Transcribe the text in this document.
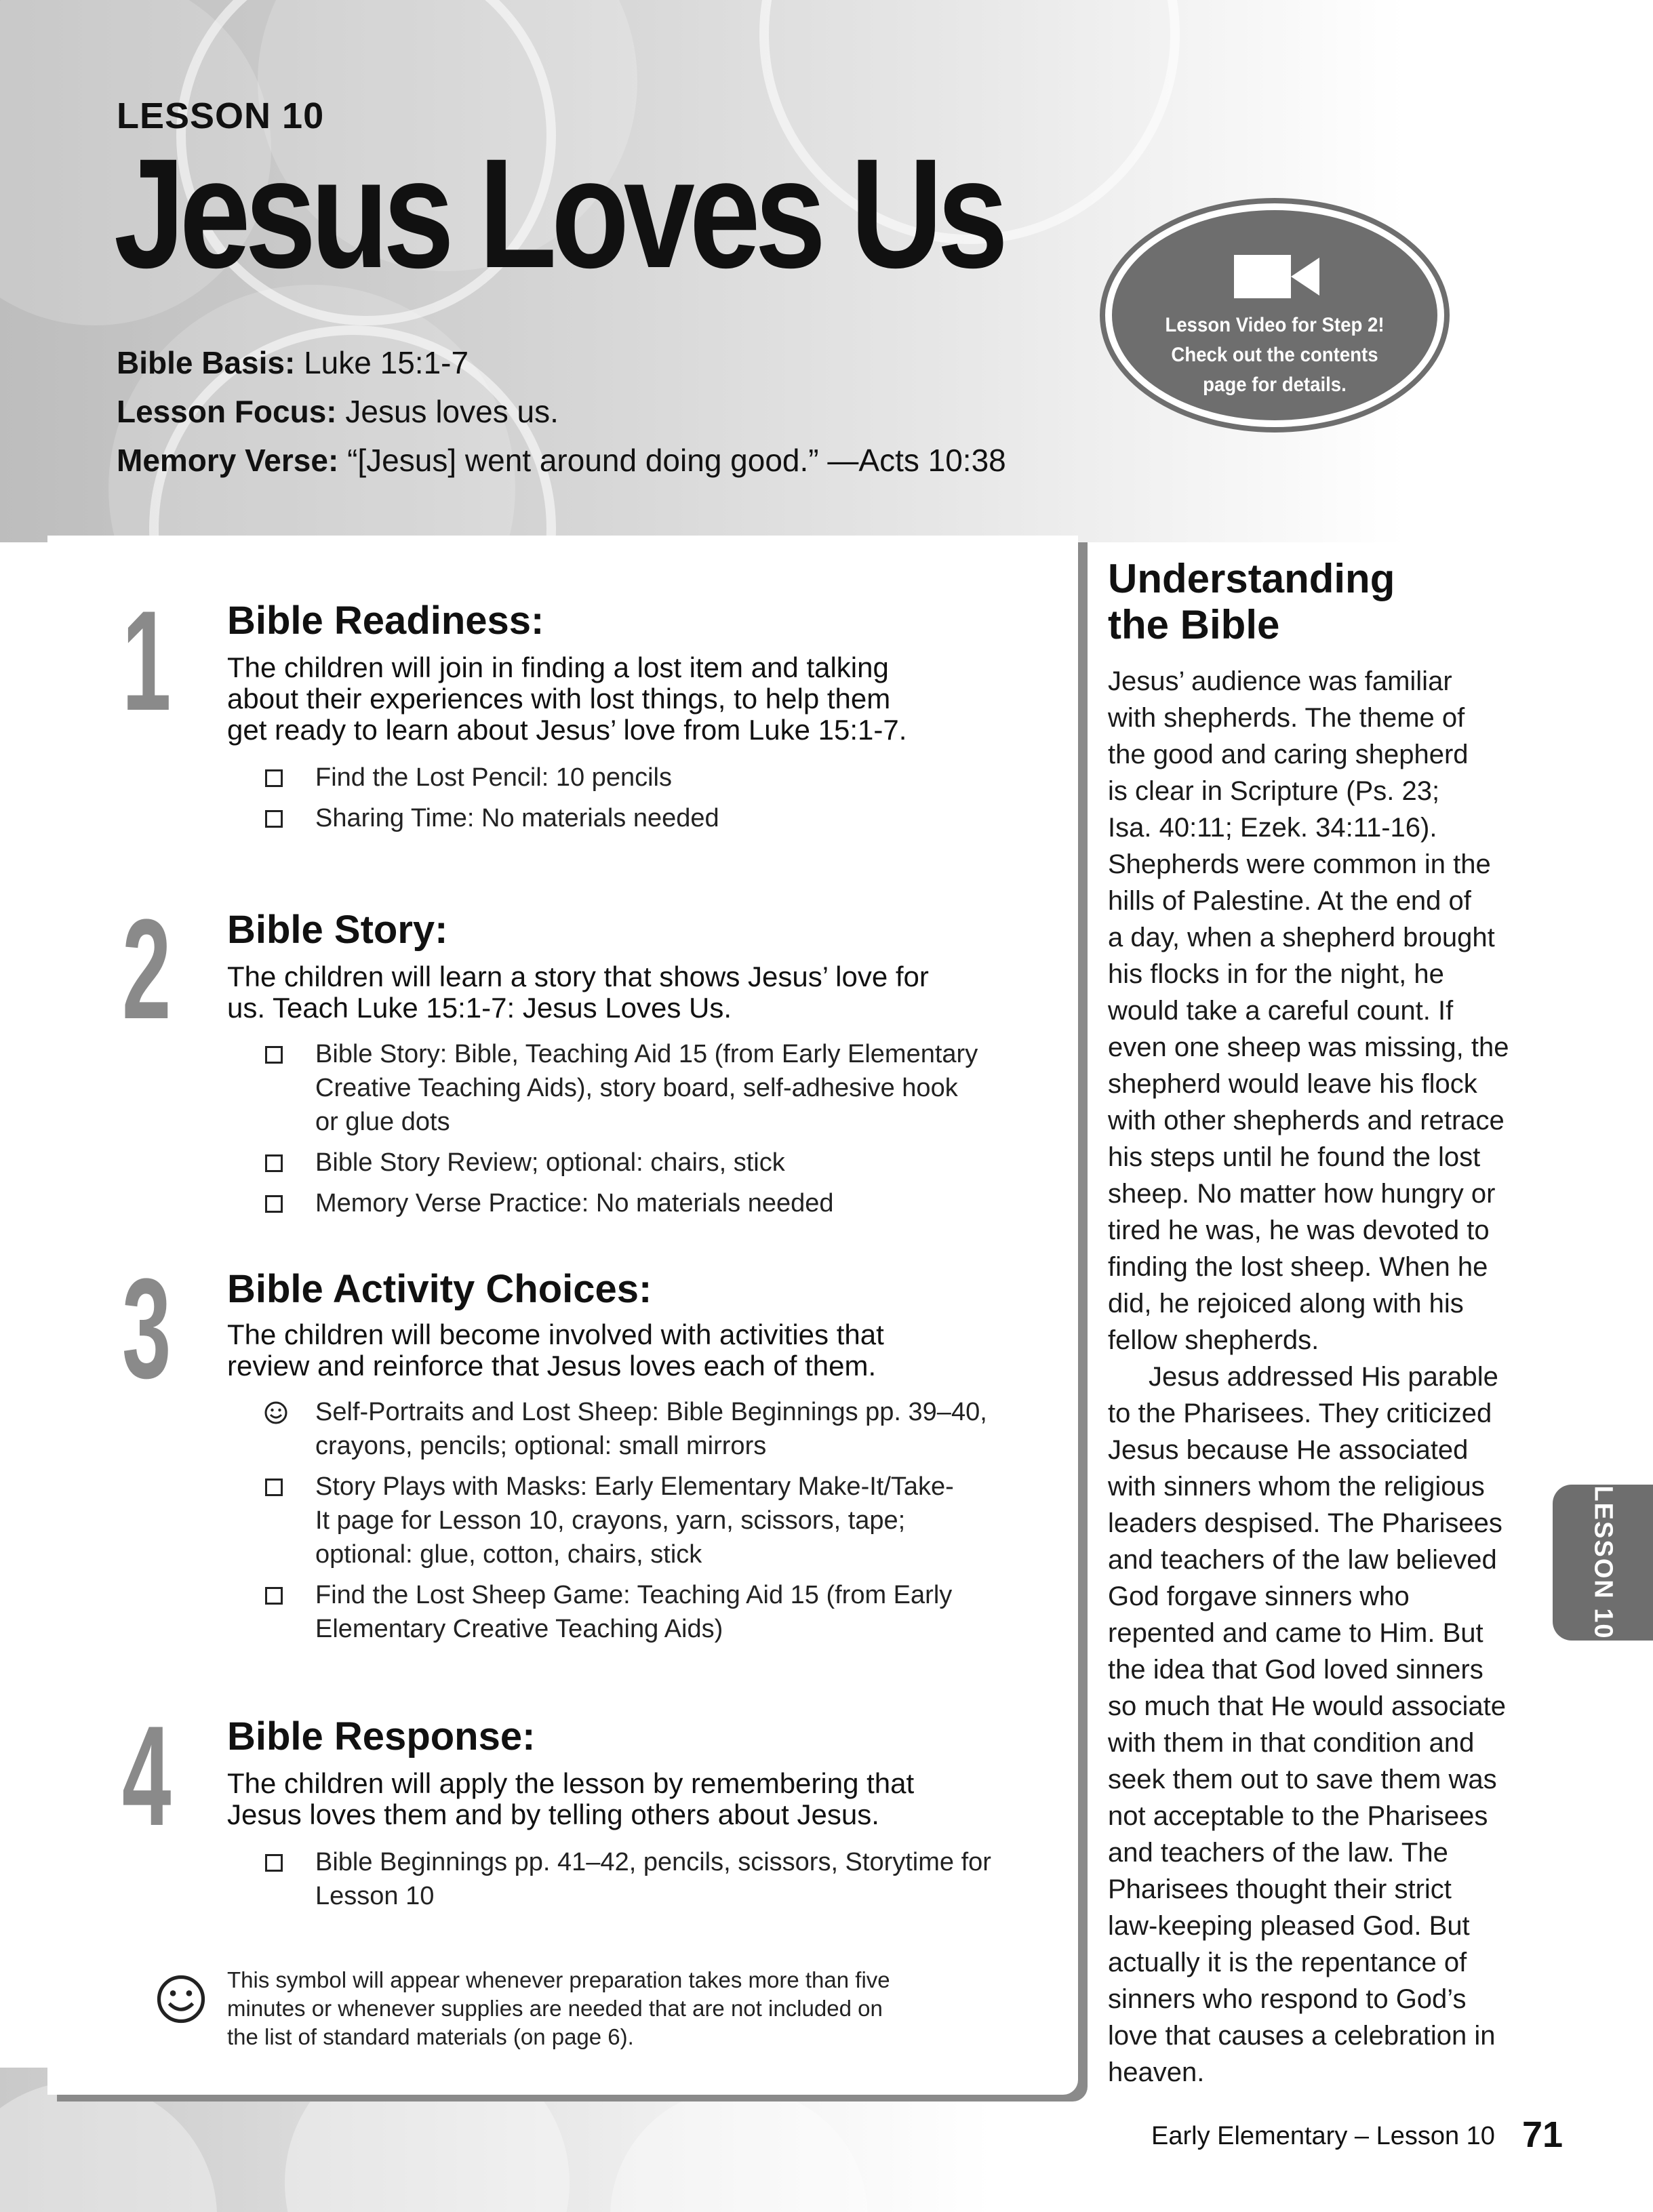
LESSON 10
Jesus Loves Us
Bible Basis: Luke 15:1-7
Lesson Focus: Jesus loves us.
Memory Verse: “[Jesus] went around doing good.” —Acts 10:38
Lesson Video for Step 2!
Check out the contents
page for details.
1 Bible Readiness:
The children will join in finding a lost item and talking
about their experiences with lost things, to help them
get ready to learn about Jesus’ love from Luke 15:1-7.
Find the Lost Pencil: 10 pencils
Sharing Time: No materials needed
2 Bible Story:
The children will learn a story that shows Jesus’ love for
us. Teach Luke 15:1-7: Jesus Loves Us.
Bible Story: Bible, Teaching Aid 15 (from Early Elementary
Creative Teaching Aids), story board, self-adhesive hook
or glue dots
Bible Story Review; optional: chairs, stick
Memory Verse Practice: No materials needed
3 Bible Activity Choices:
The children will become involved with activities that
review and reinforce that Jesus loves each of them.
Self-Portraits and Lost Sheep: Bible Beginnings pp. 39–40,
crayons, pencils; optional: small mirrors
Story Plays with Masks: Early Elementary Make-It/Take-
It page for Lesson 10, crayons, yarn, scissors, tape;
optional: glue, cotton, chairs, stick
Find the Lost Sheep Game: Teaching Aid 15 (from Early
Elementary Creative Teaching Aids)
4 Bible Response:
The children will apply the lesson by remembering that
Jesus loves them and by telling others about Jesus.
Bible Beginnings pp. 41–42, pencils, scissors, Storytime for
Lesson 10
This symbol will appear whenever preparation takes more than five
minutes or whenever supplies are needed that are not included on
the list of standard materials (on page 6).
Understanding
the Bible

Jesus’ audience was familiar
with shepherds. The theme of
the good and caring shepherd
is clear in Scripture (Ps. 23;
Isa. 40:11; Ezek. 34:11-16).
Shepherds were common in the
hills of Palestine. At the end of
a day, when a shepherd brought
his flocks in for the night, he
would take a careful count. If
even one sheep was missing, the
shepherd would leave his flock
with other shepherds and retrace
his steps until he found the lost
sheep. No matter how hungry or
tired he was, he was devoted to
finding the lost sheep. When he
did, he rejoiced along with his
fellow shepherds.

Jesus addressed His parable
to the Pharisees. They criticized
Jesus because He associated
with sinners whom the religious
leaders despised. The Pharisees
and teachers of the law believed
God forgave sinners who
repented and came to Him. But
the idea that God loved sinners
so much that He would associate
with them in that condition and
seek them out to save them was
not acceptable to the Pharisees
and teachers of the law. The
Pharisees thought their strict
law-keeping pleased God. But
actually it is the repentance of
sinners who respond to God’s
love that causes a celebration in
heaven.

LESSON 10
Early Elementary – Lesson 10 71
